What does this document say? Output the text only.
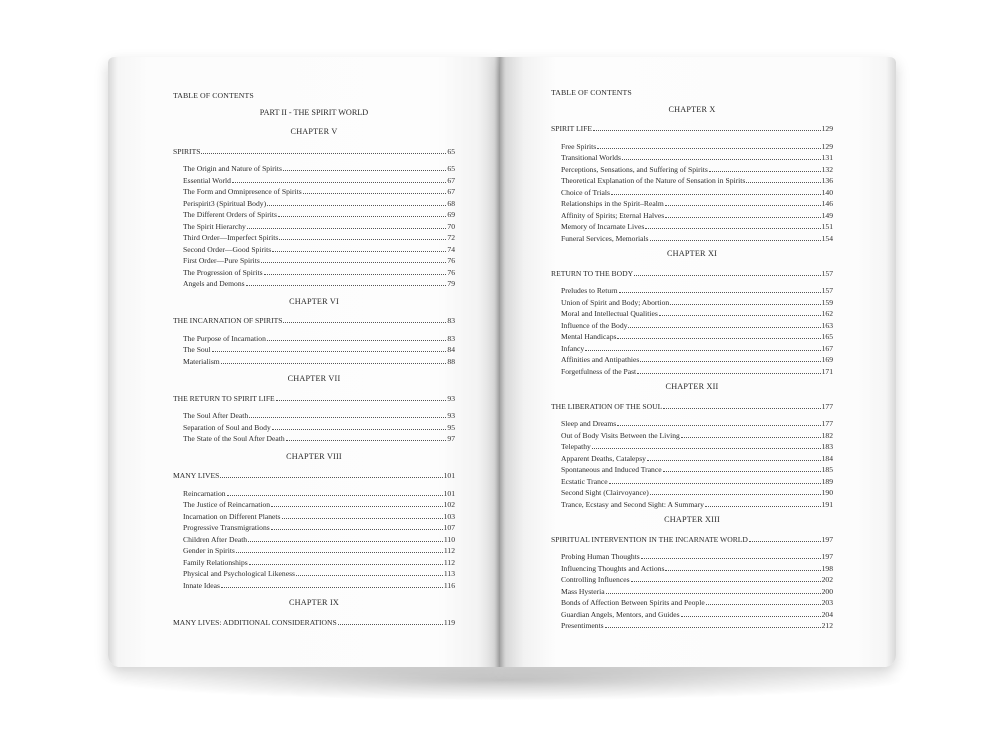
TABLE OF CONTENTS
PART II - THE SPIRIT WORLD
CHAPTER V
SPIRITS	65
The Origin and Nature of Spirits	65
Essential World	67
The Form and Omnipresence of Spirits	67
Perispirit3 (Spiritual Body)	68
The Different Orders of Spirits	69
The Spirit Hierarchy	70
Third Order—Imperfect Spirits	72
Second Order—Good Spirits	74
First Order—Pure Spirits	76
The Progression of Spirits	76
Angels and Demons	79
CHAPTER VI
THE INCARNATION OF SPIRITS	83
The Purpose of Incarnation	83
The Soul	84
Materialism	88
CHAPTER VII
THE RETURN TO SPIRIT LIFE	93
The Soul After Death	93
Separation of Soul and Body	95
The State of the Soul After Death	97
CHAPTER VIII
MANY LIVES	101
Reincarnation	101
The Justice of Reincarnation	102
Incarnation on Different Planets	103
Progressive Transmigrations	107
Children After Death	110
Gender in Spirits	112
Family Relationships	112
Physical and Psychological Likeness	113
Innate Ideas	116
CHAPTER IX
MANY LIVES: ADDITIONAL CONSIDERATIONS	119
TABLE OF CONTENTS
CHAPTER X
SPIRIT LIFE	129
Free Spirits	129
Transitional Worlds	131
Perceptions, Sensations, and Suffering of Spirits	132
Theoretical Explanation of the Nature of Sensation in Spirits	136
Choice of Trials	140
Relationships in the Spirit–Realm	146
Affinity of Spirits; Eternal Halves	149
Memory of Incarnate Lives	151
Funeral Services, Memorials	154
CHAPTER XI
RETURN TO THE BODY	157
Preludes to Return	157
Union of Spirit and Body; Abortion	159
Moral and Intellectual Qualities	162
Influence of the Body	163
Mental Handicaps	165
Infancy	167
Affinities and Antipathies	169
Forgetfulness of the Past	171
CHAPTER XII
THE LIBERATION OF THE SOUL	177
Sleep and Dreams	177
Out of Body Visits Between the Living	182
Telepathy	183
Apparent Deaths, Catalepsy	184
Spontaneous and Induced Trance	185
Ecstatic Trance	189
Second Sight (Clairvoyance)	190
Trance, Ecstasy and Second Sight: A Summary	191
CHAPTER XIII
SPIRITUAL INTERVENTION IN THE INCARNATE WORLD	197
Probing Human Thoughts	197
Influencing Thoughts and Actions	198
Controlling Influences	202
Mass Hysteria	200
Bonds of Affection Between Spirits and People	203
Guardian Angels, Mentors, and Guides	204
Presentiments	212
